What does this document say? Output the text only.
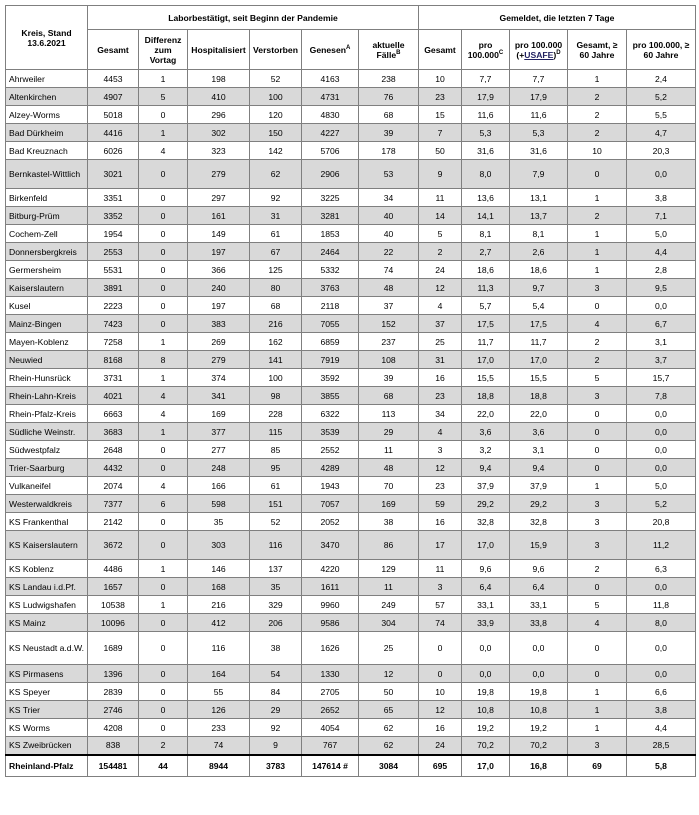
Kreis, Stand 13.6.2021	Laborbestätigt, seit Beginn der Pandemie						Gemeldet, die letzten 7 Tage				
	Gesamt	Differenz zum Vortag	Hospitalisiert	Verstorben	Genesen$^A$	aktuelle Fälle$^B$	Gesamt	pro $100.000^C$	pro 100.000 (+USAFE)$^D$	Gesamt, ≥ 60 Jahre	pro 100.000, ≥ 60 Jahre
Ahrweiler	4453	1	198	52	4163	238	10	7,7	7,7	1	2,4
Altenkirchen	4907	5	410	100	4731	76	23	17,9	17,9	2	5,2
Alzey-Worms	5018	0	296	120	4830	68	15	11,6	11,6	2	5,5
Bad Dürkheim	4416	1	302	150	4227	39	7	5,3	5,3	2	4,7
Bad Kreuznach	6026	4	323	142	5706	178	50	31,6	31,6	10	20,3
Bernkastel-Wittlich	3021	0	279	62	2906	53	9	8,0	7,9	0	0,0
Birkenfeld	3351	0	297	92	3225	34	11	13,6	13,1	1	3,8
Bitburg-Prüm	3352	0	161	31	3281	40	14	14,1	13,7	2	7,1
Cochem-Zell	1954	0	149	61	1853	40	5	8,1	8,1	1	5,0
Donnersbergkreis	2553	0	197	67	2464	22	2	2,7	2,6	1	4,4
Germersheim	5531	0	366	125	5332	74	24	18,6	18,6	1	2,8
Kaiserslautern	3891	0	240	80	3763	48	12	11,3	9,7	3	9,5
Kusel	2223	0	197	68	2118	37	4	5,7	5,4	0	0,0
Mainz-Bingen	7423	0	383	216	7055	152	37	17,5	17,5	4	6,7
Mayen-Koblenz	7258	1	269	162	6859	237	25	11,7	11,7	2	3,1
Neuwied	8168	8	279	141	7919	108	31	17,0	17,0	2	3,7
Rhein-Hunsrück	3731	1	374	100	3592	39	16	15,5	15,5	5	15,7
Rhein-Lahn-Kreis	4021	4	341	98	3855	68	23	18,8	18,8	3	7,8
Rhein-Pfalz-Kreis	6663	4	169	228	6322	113	34	22,0	22,0	0	0,0
Südliche Weinstr.	3683	1	377	115	3539	29	4	3,6	3,6	0	0,0
Südwestpfalz	2648	0	277	85	2552	11	3	3,2	3,1	0	0,0
Trier-Saarburg	4432	0	248	95	4289	48	12	9,4	9,4	0	0,0
Vulkaneifel	2074	4	166	61	1943	70	23	37,9	37,9	1	5,0
Westerwaldkreis	7377	6	598	151	7057	169	59	29,2	29,2	3	5,2
KS Frankenthal	2142	0	35	52	2052	38	16	32,8	32,8	3	20,8
KS Kaiserslautern	3672	0	303	116	3470	86	17	17,0	15,9	3	11,2
KS Koblenz	4486	1	146	137	4220	129	11	9,6	9,6	2	6,3
KS Landau i.d.Pf.	1657	0	168	35	1611	11	3	6,4	6,4	0	0,0
KS Ludwigshafen	10538	1	216	329	9960	249	57	33,1	33,1	5	11,8
KS Mainz	10096	0	412	206	9586	304	74	33,9	33,8	4	8,0
KS Neustadt a.d.W.	1689	0	116	38	1626	25	0	0,0	0,0	0	0,0
KS Pirmasens	1396	0	164	54	1330	12	0	0,0	0,0	0	0,0
KS Speyer	2839	0	55	84	2705	50	10	19,8	19,8	1	6,6
KS Trier	2746	0	126	29	2652	65	12	10,8	10,8	1	3,8
KS Worms	4208	0	233	92	4054	62	16	19,2	19,2	1	4,4
KS Zweibrücken	838	2	74	9	767	62	24	70,2	70,2	3	28,5
Rheinland-Pfalz	154481	44	8944	3783	147614 #	3084	695	17,0	16,8	69	5,8
